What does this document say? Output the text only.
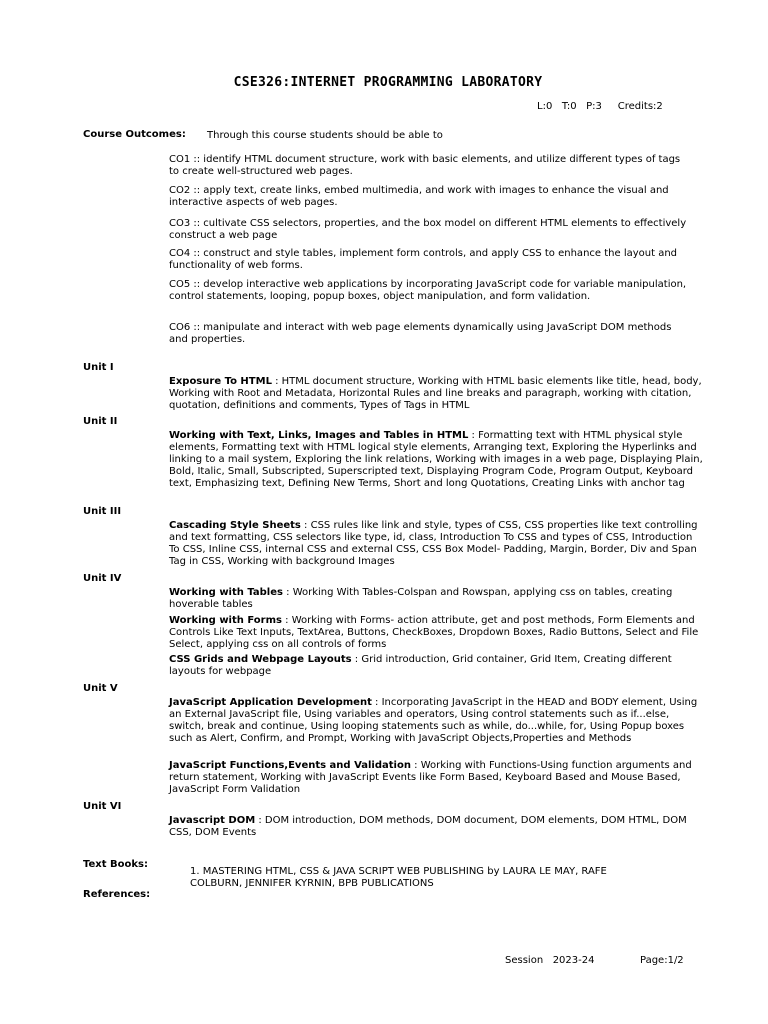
CSE326:INTERNET PROGRAMMING LABORATORY
L:0   T:0   P:3     Credits:2
Course Outcomes: Through this course students should be able to
CO1 :: identify HTML document structure, work with basic elements, and utilize different types of tags to create well-structured web pages.
CO2 :: apply text, create links, embed multimedia, and work with images to enhance the visual and interactive aspects of web pages.
CO3 :: cultivate CSS selectors, properties, and the box model on different HTML elements to effectively construct a web page
CO4 :: construct and style tables, implement form controls, and apply CSS to enhance the layout and functionality of web forms.
CO5 :: develop interactive web applications by incorporating JavaScript code for variable manipulation, control statements, looping, popup boxes, object manipulation, and form validation.
CO6 :: manipulate and interact with web page elements dynamically using JavaScript DOM methods and properties.
Unit I
Exposure To HTML : HTML document structure, Working with HTML basic elements like title, head, body, Working with Root and Metadata, Horizontal Rules and line breaks and paragraph, working with citation, quotation, definitions and comments, Types of Tags in HTML
Unit II
Working with Text, Links, Images and Tables in HTML : Formatting text with HTML physical style elements, Formatting text with HTML logical style elements, Arranging text, Exploring the Hyperlinks and linking to a mail system, Exploring the link relations, Working with images in a web page, Displaying Plain, Bold, Italic, Small, Subscripted, Superscripted text, Displaying Program Code, Program Output, Keyboard text, Emphasizing text, Defining New Terms, Short and long Quotations, Creating Links with anchor tag
Unit III
Cascading Style Sheets : CSS rules like link and style, types of CSS, CSS properties like text controlling and text formatting, CSS selectors like type, id, class, Introduction To CSS and types of CSS, Introduction To CSS, Inline CSS, internal CSS and external CSS, CSS Box Model- Padding, Margin, Border, Div and Span Tag in CSS, Working with background Images
Unit IV
Working with Tables : Working With Tables-Colspan and Rowspan, applying css on tables, creating hoverable tables
Working with Forms : Working with Forms- action attribute, get and post methods, Form Elements and Controls Like Text Inputs, TextArea, Buttons, CheckBoxes, Dropdown Boxes, Radio Buttons, Select and File Select, applying css on all controls of forms
CSS Grids and Webpage Layouts : Grid introduction, Grid container, Grid Item, Creating different layouts for webpage
Unit V
JavaScript Application Development : Incorporating JavaScript in the HEAD and BODY element, Using an External JavaScript file, Using variables and operators, Using control statements such as if...else, switch, break and continue, Using looping statements such as while, do...while, for, Using Popup boxes such as Alert, Confirm, and Prompt, Working with JavaScript Objects,Properties and Methods
JavaScript Functions,Events and Validation : Working with Functions-Using function arguments and return statement, Working with JavaScript Events like Form Based, Keyboard Based and Mouse Based, JavaScript Form Validation
Unit VI
Javascript DOM : DOM introduction, DOM methods, DOM document, DOM elements, DOM HTML, DOM CSS, DOM Events
Text Books:
1. MASTERING HTML, CSS & JAVA SCRIPT WEB PUBLISHING by LAURA LE MAY, RAFE COLBURN, JENNIFER KYRNIN, BPB PUBLICATIONS
References:
Session   2023-24	Page:1/2
